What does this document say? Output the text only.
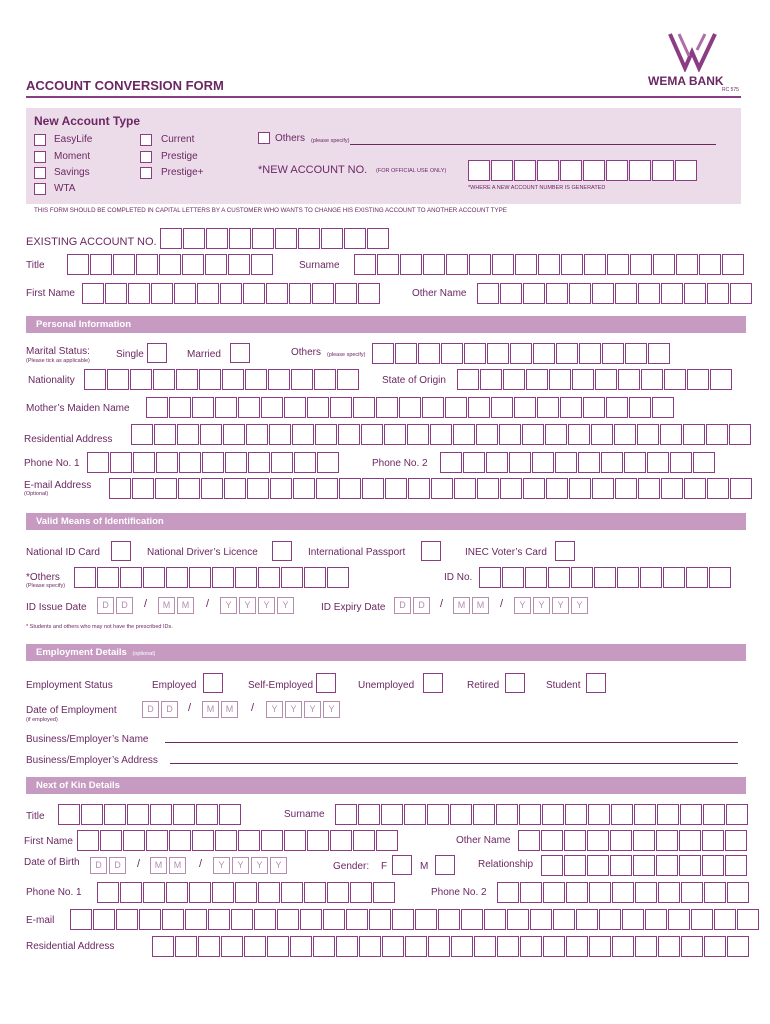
WEMA BANK
RC 575
ACCOUNT CONVERSION FORM
New Account Type
EasyLife
Moment
Savings
WTA
Current
Prestige
Prestige+
Others (please specify)
*NEW ACCOUNT NO. (FOR OFFICIAL USE ONLY)
*WHERE A NEW ACCOUNT NUMBER IS GENERATED
THIS FORM SHOULD BE COMPLETED IN CAPITAL LETTERS BY A CUSTOMER WHO WANTS TO CHANGE HIS EXISTING ACCOUNT TO ANOTHER ACCOUNT TYPE
EXISTING ACCOUNT NO.
Title	Surname
First Name	Other Name
Personal Information
Marital Status:
(Please tick as applicable)
Single	Married	Others (please specify)
Nationality	State of Origin
Mother’s Maiden Name
Residential Address
Phone No. 1	Phone No. 2
E-mail Address
(Optional)
Valid Means of Identification
National ID Card	National Driver’s Licence	International Passport	INEC Voter’s Card
*Others
(Please specify)
ID No.
ID Issue Date	D	D	/	M	M	/	Y	Y	Y	Y	ID Expiry Date	D	D	/	M	M	/	Y	Y	Y	Y
* Students and others who may not have the prescribed IDs.
Employment Details (optional)
Employment Status	Employed	Self-Employed	Unemployed	Retired	Student
Date of Employment
(if employed)
D	D	/	M	M	/	Y	Y	Y	Y
Business/Employer’s Name
Business/Employer’s Address
Next of Kin Details
Title	Surname
First Name	Other Name
Date of Birth	D	D	/	M	M	/	Y	Y	Y	Y	Gender: F	M	Relationship
Phone No. 1	Phone No. 2
E-mail
Residential Address
